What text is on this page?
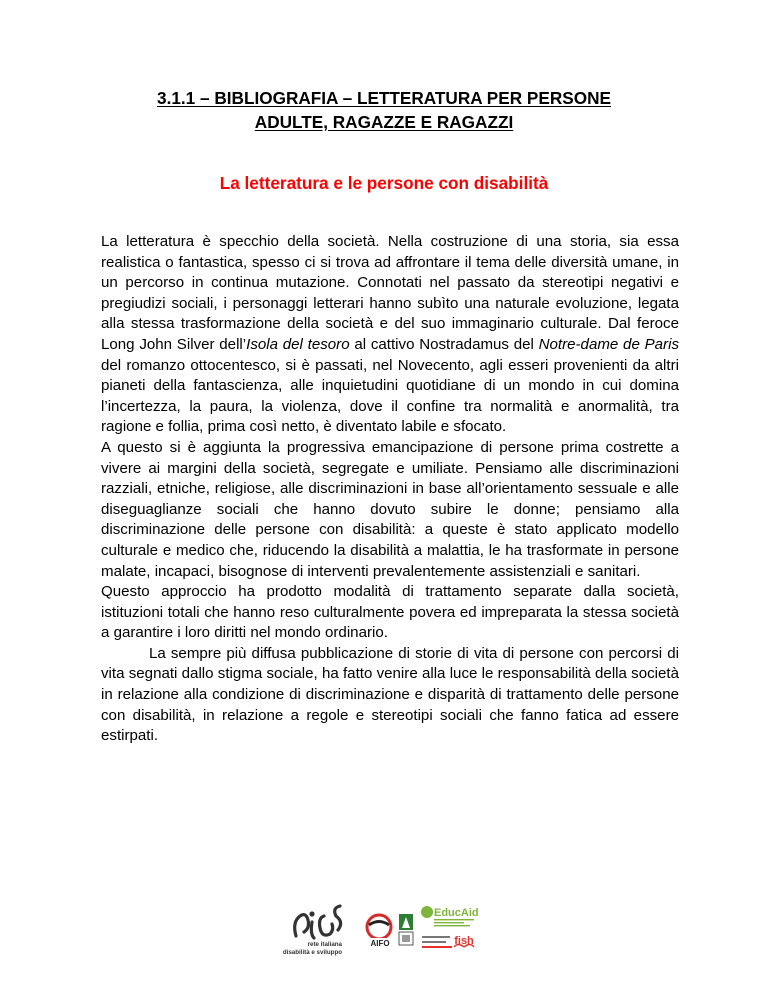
3.1.1 – BIBLIOGRAFIA – LETTERATURA PER PERSONE
ADULTE, RAGAZZE E RAGAZZI
La letteratura e le persone con disabilità

La letteratura è specchio della società. Nella costruzione di una storia, sia essa realistica o fantastica, spesso ci si trova ad affrontare il tema delle diversità umane, in un percorso in continua mutazione. Connotati nel passato da stereotipi negativi e pregiudizi sociali, i personaggi letterari hanno subìto una naturale evoluzione, legata alla stessa trasformazione della società e del suo immaginario culturale. Dal feroce Long John Silver dell’Isola del tesoro al cattivo Nostradamus del Notre-dame de Paris del romanzo ottocentesco, si è passati, nel Novecento, agli esseri provenienti da altri pianeti della fantascienza, alle inquietudini quotidiane di un mondo in cui domina l’incertezza, la paura, la violenza, dove il confine tra normalità e anormalità, tra ragione e follia, prima così netto, è diventato labile e sfocato.

A questo si è aggiunta la progressiva emancipazione di persone prima costrette a vivere ai margini della società, segregate e umiliate. Pensiamo alle discriminazioni razziali, etniche, religiose, alle discriminazioni in base all’orientamento sessuale e alle diseguaglianze sociali che hanno dovuto subire le donne; pensiamo alla discriminazione delle persone con disabilità: a queste è stato applicato modello culturale e medico che, riducendo la disabilità a malattia, le ha trasformate in persone malate, incapaci, bisognose di interventi prevalentemente assistenziali e sanitari.

Questo approccio ha prodotto modalità di trattamento separate dalla società, istituzioni totali che hanno reso culturalmente povera ed impreparata la stessa società a garantire i loro diritti nel mondo ordinario.

La sempre più diffusa pubblicazione di storie di vita di persone con percorsi di vita segnati dallo stigma sociale, ha fatto venire alla luce le responsabilità della società in relazione alla condizione di discriminazione e disparità di trattamento delle persone con disabilità, in relazione a regole e stereotipi sociali che fanno fatica ad essere estirpati.

rete italiana
disabilità e sviluppo
AIFO
EducAid
fish
